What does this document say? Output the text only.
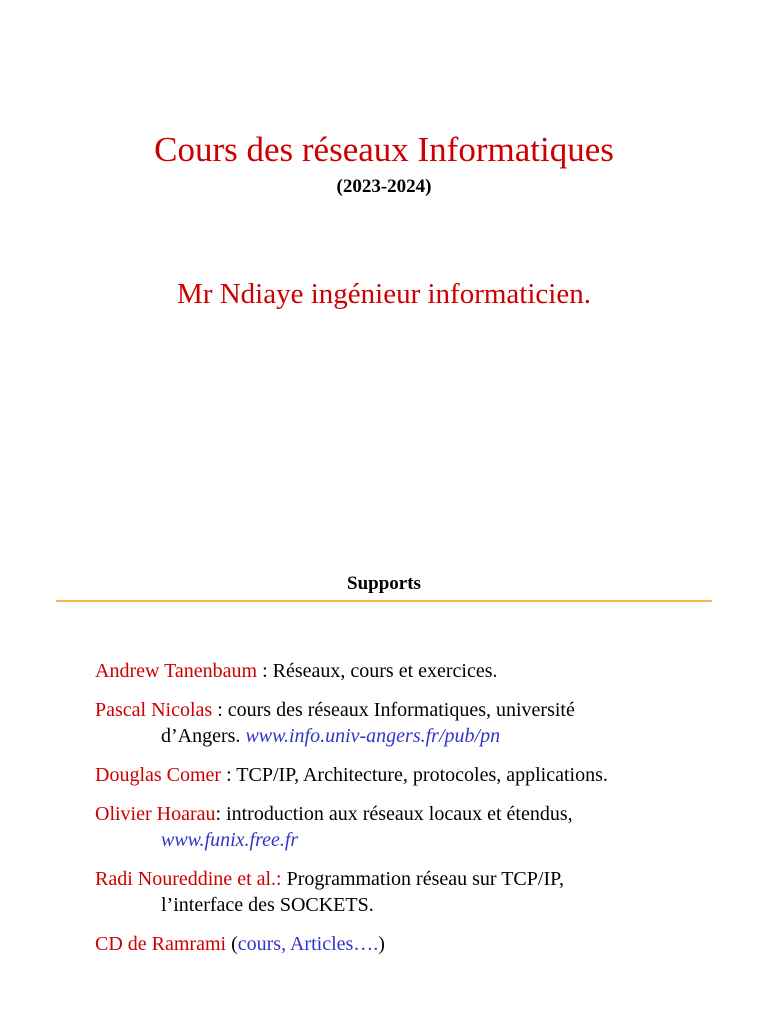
Cours des réseaux Informatiques
(2023-2024)
Mr Ndiaye ingénieur informaticien.
Supports
Andrew Tanenbaum : Réseaux, cours et exercices.
Pascal Nicolas : cours des réseaux Informatiques, université
d’Angers. www.info.univ-angers.fr/pub/pn
Douglas Comer : TCP/IP, Architecture, protocoles, applications.
Olivier Hoarau: introduction aux réseaux locaux et étendus,
www.funix.free.fr
Radi Noureddine et al.: Programmation réseau sur TCP/IP,
l’interface des SOCKETS.
CD de Ramrami (cours, Articles….)
